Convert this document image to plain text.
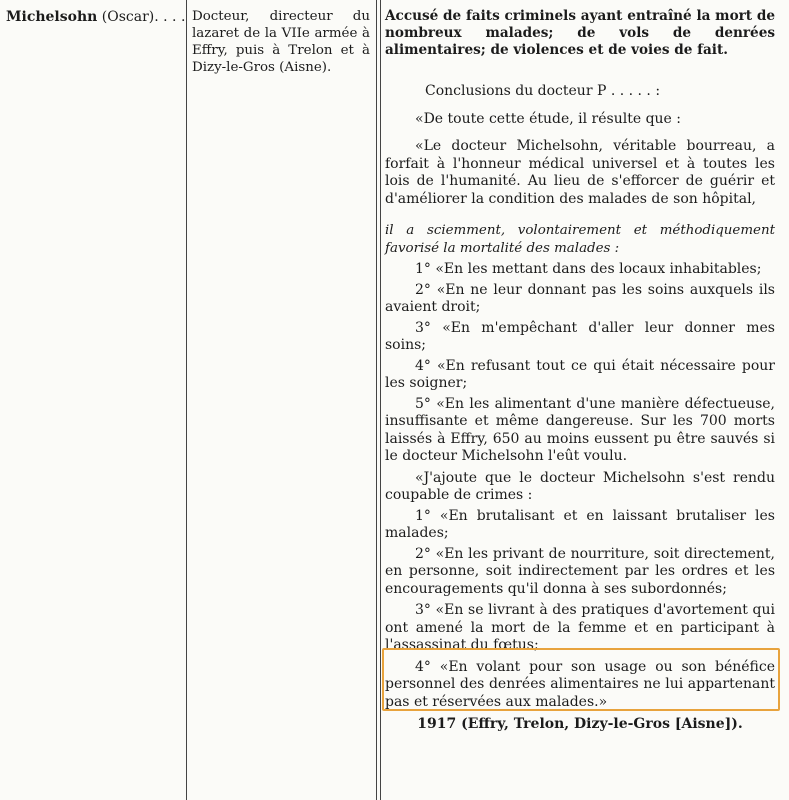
Michelsohn (Oscar). . . . Docteur, directeur du lazaret de la VIIe armée à Effry, puis à Trelon et à Dizy-le-Gros (Aisne).

Accusé de faits criminels ayant entraîné la mort de nombreux malades; de vols de denrées alimentaires; de violences et de voies de fait.

Conclusions du docteur P . . . . . :

«De toute cette étude, il résulte que :

«Le docteur Michelsohn, véritable bourreau, a forfait à l'honneur médical universel et à toutes les lois de l'humanité. Au lieu de s'efforcer de guérir et d'améliorer la condition des malades de son hôpital,

il a sciemment, volontairement et méthodiquement favorisé la mortalité des malades :

1° «En les mettant dans des locaux inhabitables;

2° «En ne leur donnant pas les soins auxquels ils avaient droit;

3° «En m'empêchant d'aller leur donner mes soins;

4° «En refusant tout ce qui était nécessaire pour les soigner;

5° «En les alimentant d'une manière défectueuse, insuffisante et même dangereuse. Sur les 700 morts laissés à Effry, 650 au moins eussent pu être sauvés si le docteur Michelsohn l'eût voulu.

«J'ajoute que le docteur Michelsohn s'est rendu coupable de crimes :

1° «En brutalisant et en laissant brutaliser les malades;

2° «En les privant de nourriture, soit directement, en personne, soit indirectement par les ordres et les encouragements qu'il donna à ses subordonnés;

3° «En se livrant à des pratiques d'avortement qui ont amené la mort de la femme et en participant à l'assassinat du fœtus;

4° «En volant pour son usage ou son bénéfice personnel des denrées alimentaires ne lui appartenant pas et réservées aux malades.»

1917 (Effry, Trelon, Dizy-le-Gros [Aisne]).
